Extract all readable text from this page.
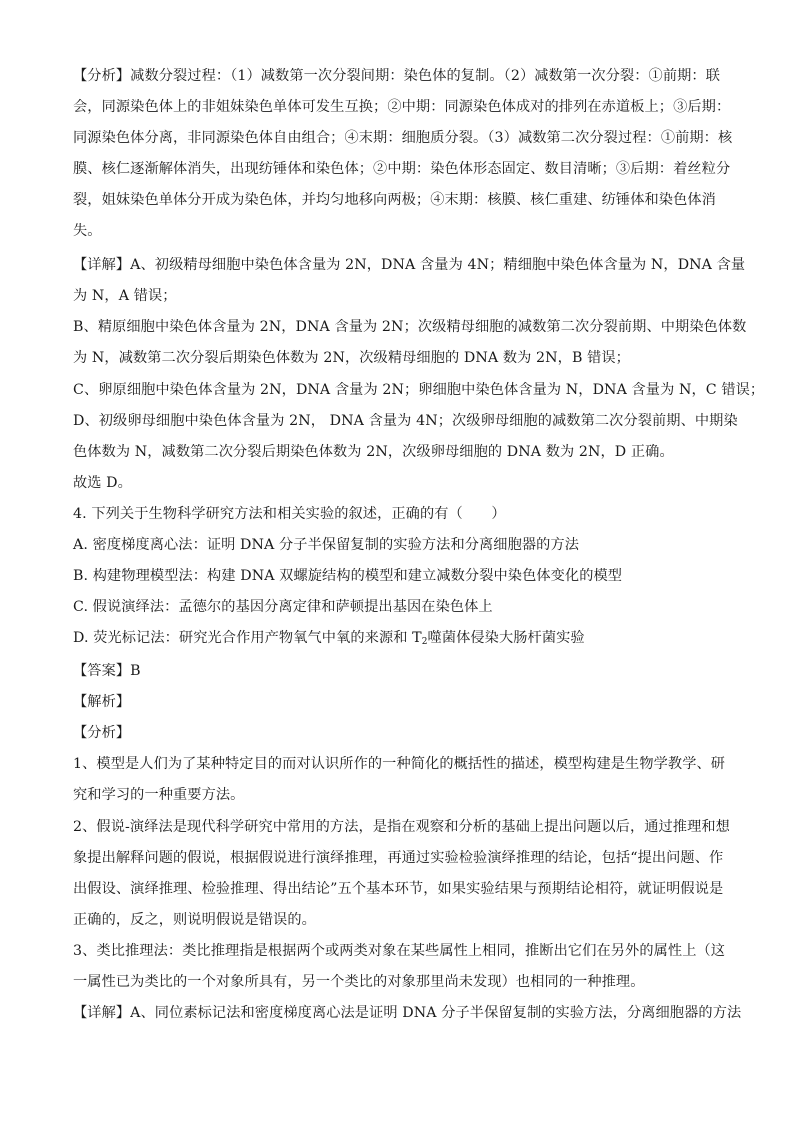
【分析】减数分裂过程：（1）减数第一次分裂间期：染色体的复制。（2）减数第一次分裂：①前期：联
会，同源染色体上的非姐妹染色单体可发生互换；②中期：同源染色体成对的排列在赤道板上；③后期：
同源染色体分离，非同源染色体自由组合；④末期：细胞质分裂。（3）减数第二次分裂过程：①前期：核
膜、核仁逐渐解体消失，出现纺锤体和染色体；②中期：染色体形态固定、数目清晰；③后期：着丝粒分
裂，姐妹染色单体分开成为染色体，并均匀地移向两极；④末期：核膜、核仁重建、纺锤体和染色体消
失。
【详解】A、初级精母细胞中染色体含量为 2N，DNA 含量为 4N；精细胞中染色体含量为 N，DNA 含量
为 N，A 错误；
B、精原细胞中染色体含量为 2N，DNA 含量为 2N；次级精母细胞的减数第二次分裂前期、中期染色体数
为 N，减数第二次分裂后期染色体数为 2N，次级精母细胞的 DNA 数为 2N，B 错误；
C、卵原细胞中染色体含量为 2N，DNA 含量为 2N；卵细胞中染色体含量为 N，DNA 含量为 N，C 错误；
D、初级卵母细胞中染色体含量为 2N， DNA 含量为 4N；次级卵母细胞的减数第二次分裂前期、中期染
色体数为 N，减数第二次分裂后期染色体数为 2N，次级卵母细胞的 DNA 数为 2N，D 正确。
故选 D。
4. 下列关于生物科学研究方法和相关实验的叙述，正确的有（　　）
A. 密度梯度离心法：证明 DNA 分子半保留复制的实验方法和分离细胞器的方法
B. 构建物理模型法：构建 DNA 双螺旋结构的模型和建立减数分裂中染色体变化的模型
C. 假说演绎法：孟德尔的基因分离定律和萨顿提出基因在染色体上
D. 荧光标记法：研究光合作用产物氧气中氧的来源和 $T_2$噬菌体侵染大肠杆菌实验
【答案】B
【解析】
【分析】
1、模型是人们为了某种特定目的而对认识所作的一种简化的概括性的描述，模型构建是生物学教学、研
究和学习的一种重要方法。
2、假说-演绎法是现代科学研究中常用的方法，是指在观察和分析的基础上提出问题以后，通过推理和想
象提出解释问题的假说，根据假说进行演绎推理，再通过实验检验演绎推理的结论，包括“提出问题、作
出假设、演绎推理、检验推理、得出结论”五个基本环节，如果实验结果与预期结论相符，就证明假说是
正确的，反之，则说明假说是错误的。
3、类比推理法：类比推理指是根据两个或两类对象在某些属性上相同，推断出它们在另外的属性上（这
一属性已为类比的一个对象所具有，另一个类比的对象那里尚未发现）也相同的一种推理。
【详解】A、同位素标记法和密度梯度离心法是证明 DNA 分子半保留复制的实验方法，分离细胞器的方法
